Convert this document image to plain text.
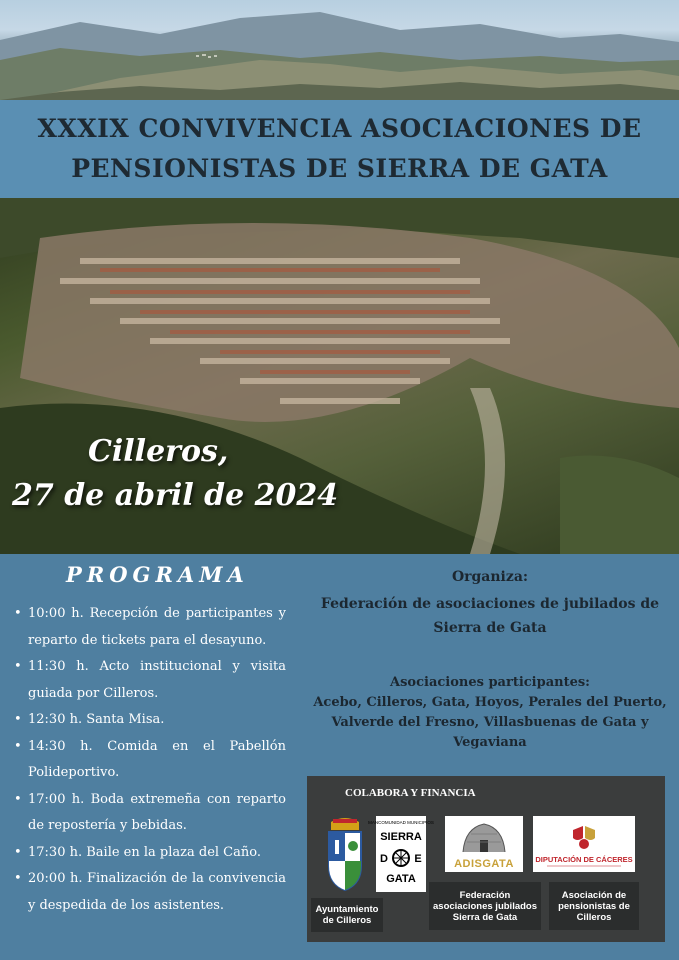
XXXIX CONVIVENCIA ASOCIACIONES DE
PENSIONISTAS DE SIERRA DE GATA
Cilleros,
27 de abril de 2024
PROGRAMA
• 10:00 h. Recepción de participantes y reparto de tickets para el desayuno.
• 11:30 h. Acto institucional y visita guiada por Cilleros.
• 12:30 h. Santa Misa.
• 14:30 h. Comida en el Pabellón Polideportivo.
• 17:00 h. Boda extremeña con reparto de repostería y bebidas.
• 17:30 h. Baile en la plaza del Caño.
• 20:00 h. Finalización de la convivencia y despedida de los asistentes.
Organiza:
Federación de asociaciones de jubilados de Sierra de Gata
Asociaciones participantes:
Acebo, Cilleros, Gata, Hoyos, Perales del Puerto, Valverde del Fresno, Villasbuenas de Gata y Vegaviana
COLABORA Y FINANCIA
MANCOMUNIDAD MUNICIPIOS
SIERRA
D E
GATA
ADISGATA	DIPUTACIÓN DE CÁCERES
Ayuntamiento de Cilleros
Federación asociaciones jubilados Sierra de Gata
Asociación de pensionistas de Cilleros
